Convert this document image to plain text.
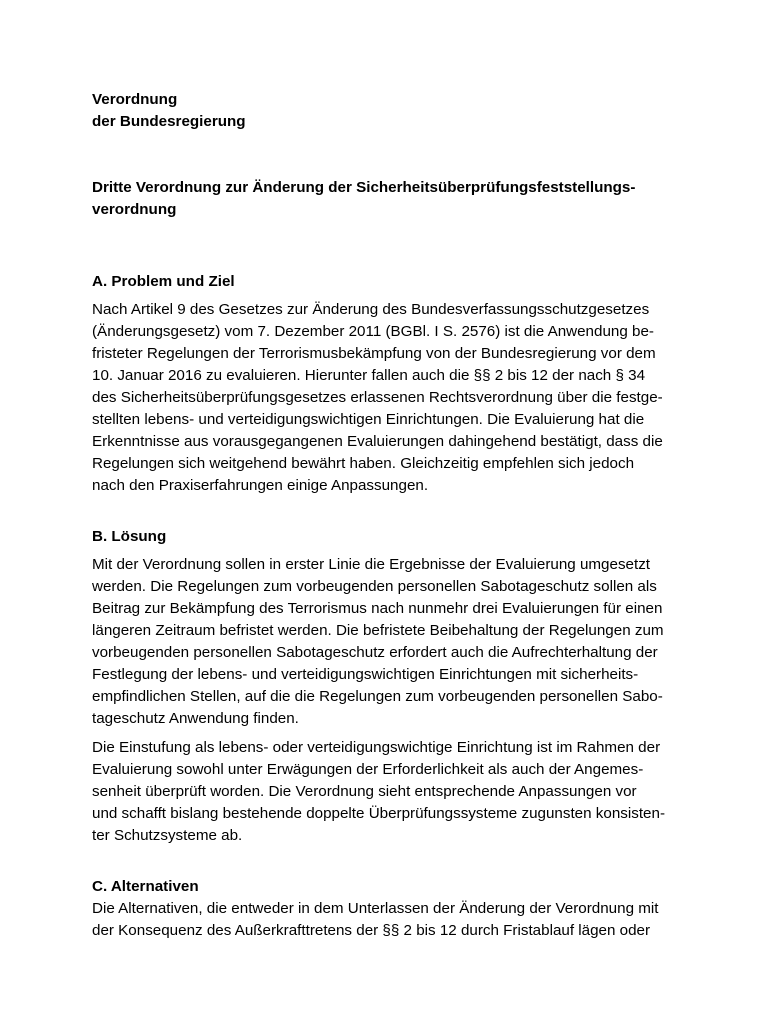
Verordnung
der Bundesregierung
Dritte Verordnung zur Änderung der Sicherheitsüberprüfungsfeststellungs-
verordnung
A. Problem und Ziel
Nach Artikel 9 des Gesetzes zur Änderung des Bundesverfassungsschutzgesetzes
(Änderungsgesetz) vom 7. Dezember 2011 (BGBl. I S. 2576) ist die Anwendung be-
fristeter Regelungen der Terrorismusbekämpfung von der Bundesregierung vor dem
10. Januar 2016 zu evaluieren. Hierunter fallen auch die §§ 2 bis 12 der nach § 34
des Sicherheitsüberprüfungsgesetzes erlassenen Rechtsverordnung über die festge-
stellten lebens- und verteidigungswichtigen Einrichtungen. Die Evaluierung hat die
Erkenntnisse aus vorausgegangenen Evaluierungen dahingehend bestätigt, dass die
Regelungen sich weitgehend bewährt haben. Gleichzeitig empfehlen sich jedoch
nach den Praxiserfahrungen einige Anpassungen.
B. Lösung
Mit der Verordnung sollen in erster Linie die Ergebnisse der Evaluierung umgesetzt
werden. Die Regelungen zum vorbeugenden personellen Sabotageschutz sollen als
Beitrag zur Bekämpfung des Terrorismus nach nunmehr drei Evaluierungen für einen
längeren Zeitraum befristet werden. Die befristete Beibehaltung der Regelungen zum
vorbeugenden personellen Sabotageschutz erfordert auch die Aufrechterhaltung der
Festlegung der lebens- und verteidigungswichtigen Einrichtungen mit sicherheits-
empfindlichen Stellen, auf die die Regelungen zum vorbeugenden personellen Sabo-
tageschutz Anwendung finden.
Die Einstufung als lebens- oder verteidigungswichtige Einrichtung ist im Rahmen der
Evaluierung sowohl unter Erwägungen der Erforderlichkeit als auch der Angemes-
senheit überprüft worden. Die Verordnung sieht entsprechende Anpassungen vor
und schafft bislang bestehende doppelte Überprüfungssysteme zugunsten konsisten-
ter Schutzsysteme ab.
C. Alternativen
Die Alternativen, die entweder in dem Unterlassen der Änderung der Verordnung mit
der Konsequenz des Außerkrafttretens der §§ 2 bis 12 durch Fristablauf lägen oder
